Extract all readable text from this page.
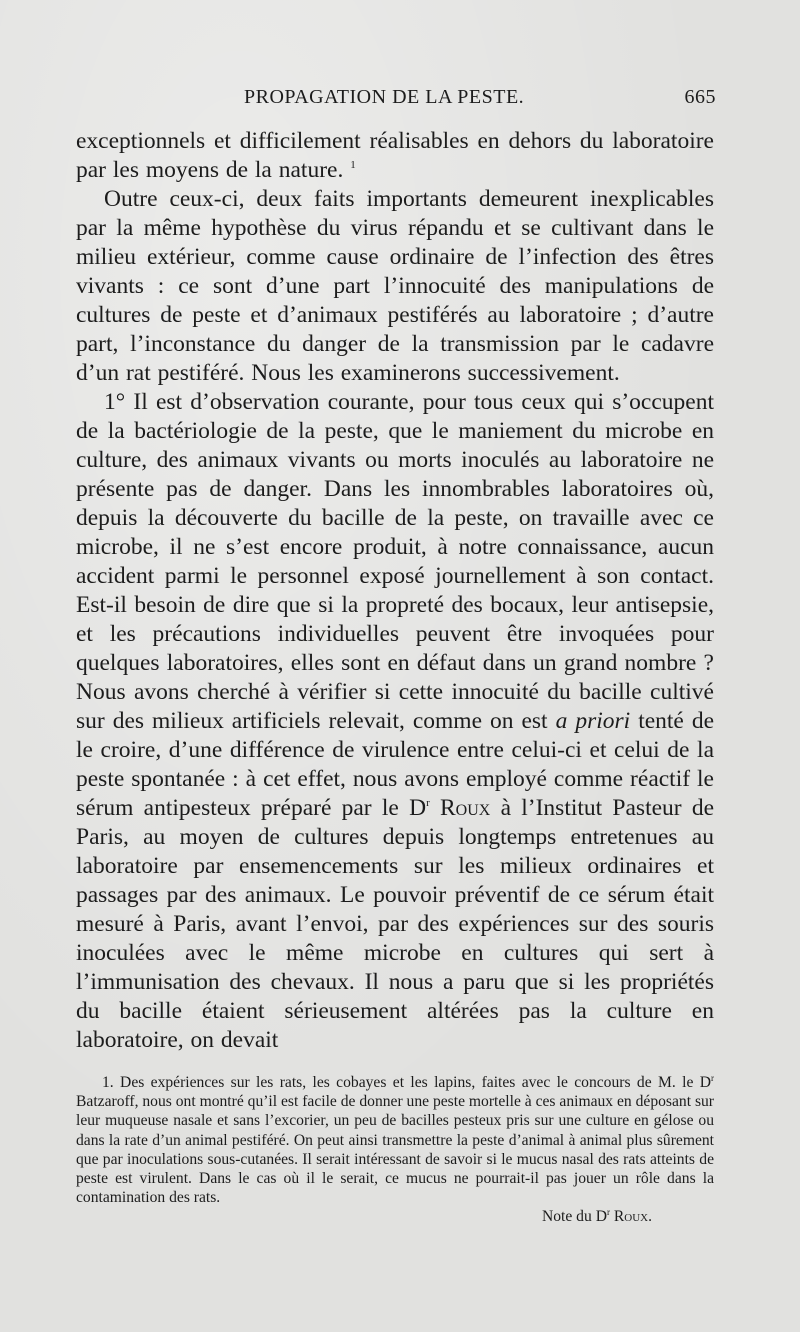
PROPAGATION DE LA PESTE.	665

exceptionnels et difficilement réalisables en dehors du laboratoire par les moyens de la nature. $^1$

Outre ceux-ci, deux faits importants demeurent inexplicables par la même hypothèse du virus répandu et se cultivant dans le milieu extérieur, comme cause ordinaire de l’infection des êtres vivants : ce sont d’une part l’innocuité des manipulations de cultures de peste et d’animaux pestiférés au laboratoire ; d’autre part, l’inconstance du danger de la transmission par le cadavre d’un rat pestiféré. Nous les examinerons successivement.

1° Il est d’observation courante, pour tous ceux qui s’occupent de la bactériologie de la peste, que le maniement du microbe en culture, des animaux vivants ou morts inoculés au laboratoire ne présente pas de danger. Dans les innombrables laboratoires où, depuis la découverte du bacille de la peste, on travaille avec ce microbe, il ne s’est encore produit, à notre connaissance, aucun accident parmi le personnel exposé journellement à son contact. Est-il besoin de dire que si la propreté des bocaux, leur antisepsie, et les précautions individuelles peuvent être invoquées pour quelques laboratoires, elles sont en défaut dans un grand nombre ? Nous avons cherché à vérifier si cette innocuité du bacille cultivé sur des milieux artificiels relevait, comme on est a priori tenté de le croire, d’une différence de virulence entre celui-ci et celui de la peste spontanée : à cet effet, nous avons employé comme réactif le sérum antipesteux préparé par le $D^r$ Roux à l’Institut Pasteur de Paris, au moyen de cultures depuis longtemps entretenues au laboratoire par ensemencements sur les milieux ordinaires et passages par des animaux. Le pouvoir préventif de ce sérum était mesuré à Paris, avant l’envoi, par des expériences sur des souris inoculées avec le même microbe en cultures qui sert à l’immunisation des chevaux. Il nous a paru que si les propriétés du bacille étaient sérieusement altérées pas la culture en laboratoire, on devait

1. Des expériences sur les rats, les cobayes et les lapins, faites avec le concours de M. le D$^r$ Batzaroff, nous ont montré qu’il est facile de donner une peste mortelle à ces animaux en déposant sur leur muqueuse nasale et sans l’excorier, un peu de bacilles pesteux pris sur une culture en gélose ou dans la rate d’un animal pestiféré. On peut ainsi transmettre la peste d’animal à animal plus sûrement que par inoculations sous-cutanées. Il serait intéressant de savoir si le mucus nasal des rats atteints de peste est virulent. Dans le cas où il le serait, ce mucus ne pourrait-il pas jouer un rôle dans la contamination des rats.

Note du D$^r$ Roux.
